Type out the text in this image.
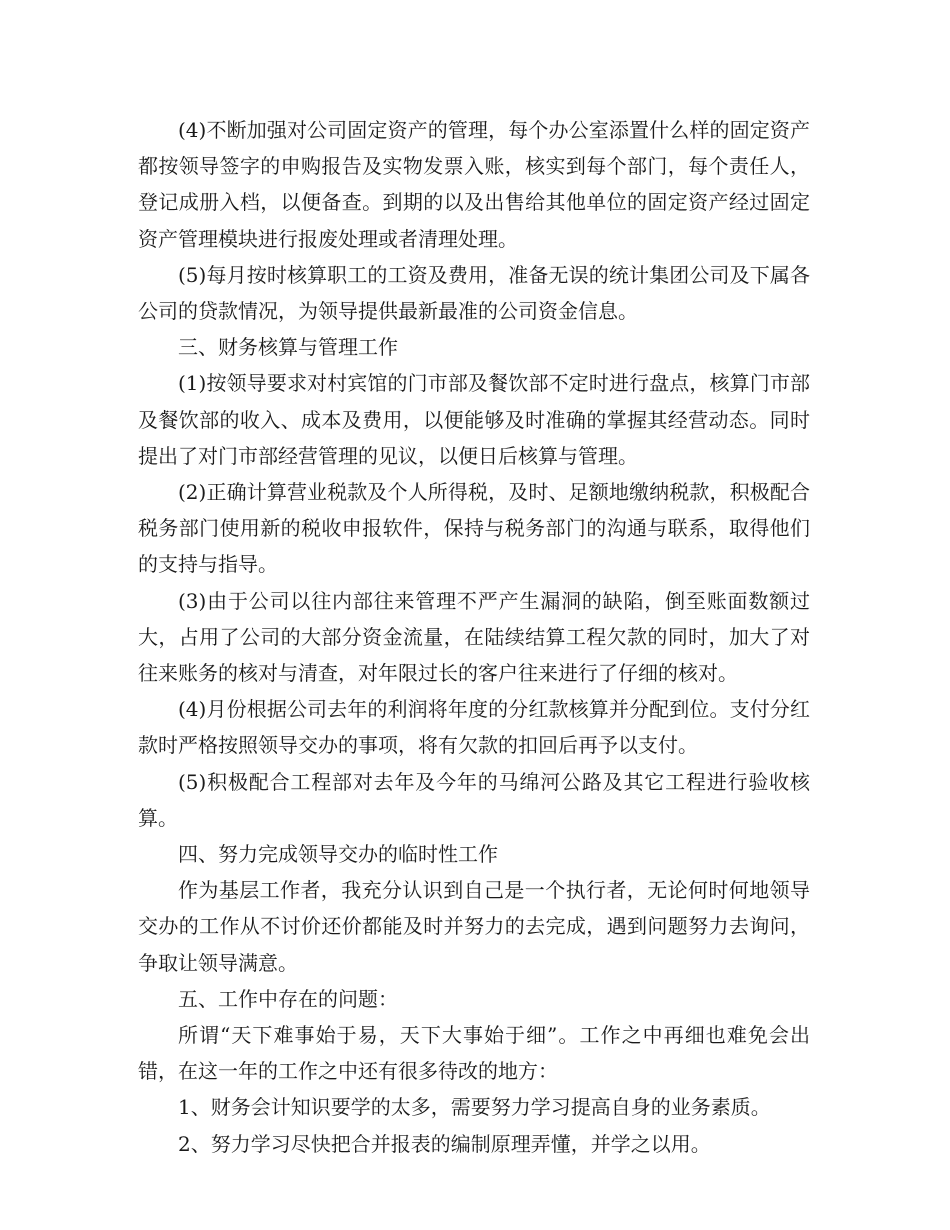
(4)不断加强对公司固定资产的管理，每个办公室添置什么样的固定资产都按领导签字的申购报告及实物发票入账，核实到每个部门，每个责任人，登记成册入档，以便备查。到期的以及出售给其他单位的固定资产经过固定资产管理模块进行报废处理或者清理处理。

(5)每月按时核算职工的工资及费用，准备无误的统计集团公司及下属各公司的贷款情况，为领导提供最新最准的公司资金信息。

三、财务核算与管理工作

(1)按领导要求对村宾馆的门市部及餐饮部不定时进行盘点，核算门市部及餐饮部的收入、成本及费用，以便能够及时准确的掌握其经营动态。同时提出了对门市部经营管理的见议，以便日后核算与管理。

(2)正确计算营业税款及个人所得税，及时、足额地缴纳税款，积极配合税务部门使用新的税收申报软件，保持与税务部门的沟通与联系，取得他们的支持与指导。

(3)由于公司以往内部往来管理不严产生漏洞的缺陷，倒至账面数额过大，占用了公司的大部分资金流量，在陆续结算工程欠款的同时，加大了对往来账务的核对与清查，对年限过长的客户往来进行了仔细的核对。

(4)月份根据公司去年的利润将年度的分红款核算并分配到位。支付分红款时严格按照领导交办的事项，将有欠款的扣回后再予以支付。

(5)积极配合工程部对去年及今年的马绵河公路及其它工程进行验收核算。

四、努力完成领导交办的临时性工作

作为基层工作者，我充分认识到自己是一个执行者，无论何时何地领导交办的工作从不讨价还价都能及时并努力的去完成，遇到问题努力去询问，争取让领导满意。

五、工作中存在的问题：

所谓“天下难事始于易，天下大事始于细”。工作之中再细也难免会出错，在这一年的工作之中还有很多待改的地方：

1、财务会计知识要学的太多，需要努力学习提高自身的业务素质。

2、努力学习尽快把合并报表的编制原理弄懂，并学之以用。
